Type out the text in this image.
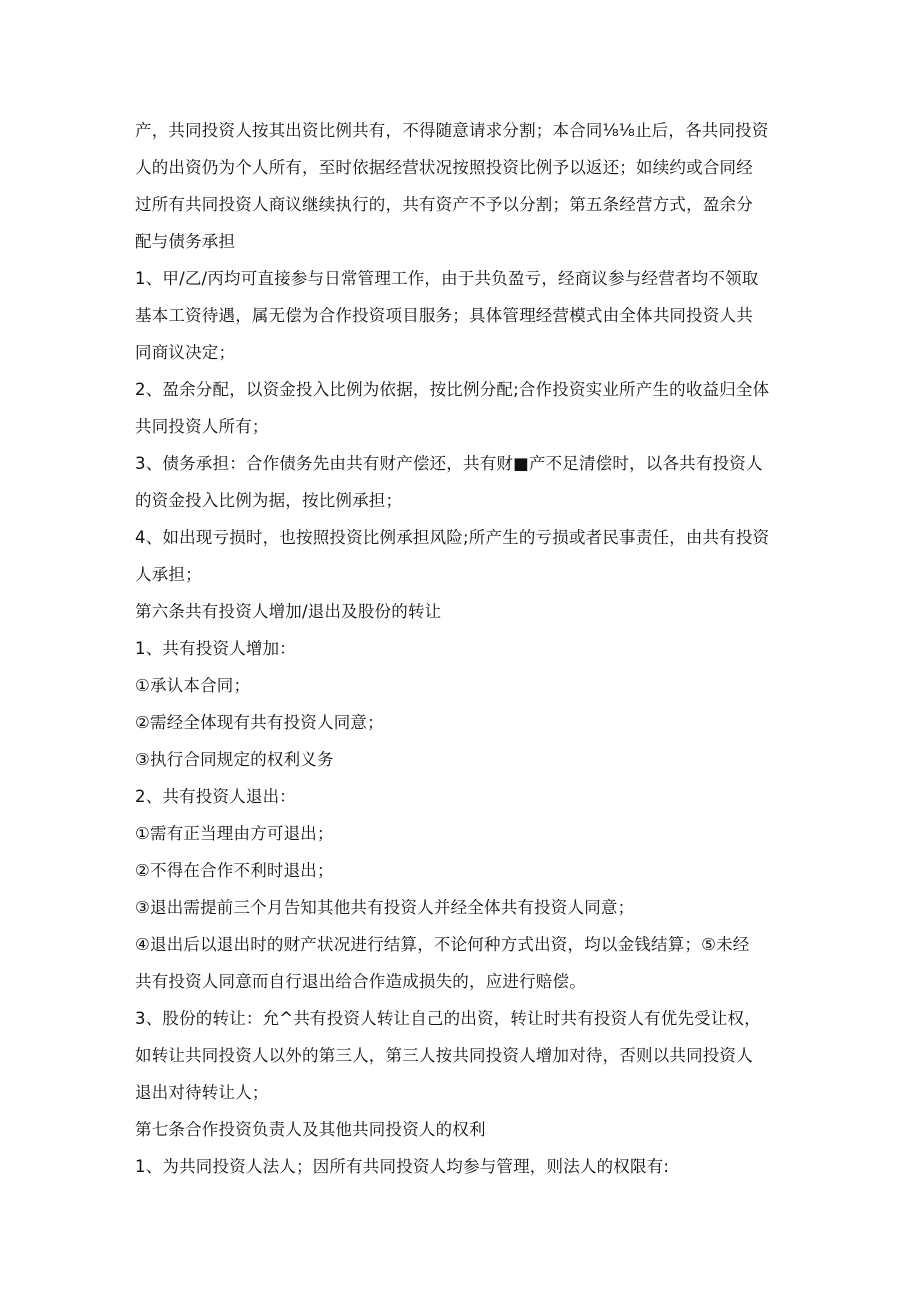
产，共同投资人按其出资比例共有，不得随意请求分割；本合同⅛⅛止后，各共同投资

人的出资仍为个人所有，至时依据经营状况按照投资比例予以返还；如续约或合同经

过所有共同投资人商议继续执行的，共有资产不予以分割；第五条经营方式，盈余分

配与债务承担

1、甲/乙/丙均可直接参与日常管理工作，由于共负盈亏，经商议参与经营者均不领取

基本工资待遇，属无偿为合作投资项目服务；具体管理经营模式由全体共同投资人共

同商议决定；

2、盈余分配，以资金投入比例为依据，按比例分配;合作投资实业所产生的收益归全体

共同投资人所有；

3、债务承担：合作债务先由共有财产偿还，共有财■产不足清偿时，以各共有投资人

的资金投入比例为据，按比例承担；

4、如出现亏损时，也按照投资比例承担风险;所产生的亏损或者民事责任，由共有投资

人承担；

第六条共有投资人增加/退出及股份的转让

1、共有投资人增加：

①承认本合同；

②需经全体现有共有投资人同意；

③执行合同规定的权利义务

2、共有投资人退出：

①需有正当理由方可退出；

②不得在合作不利时退出；

③退出需提前三个月告知其他共有投资人并经全体共有投资人同意；

④退出后以退出时的财产状况进行结算，不论何种方式出资，均以金钱结算；⑤未经

共有投资人同意而自行退出给合作造成损失的，应进行赔偿。

3、股份的转让：允^共有投资人转让自己的出资，转让时共有投资人有优先受让权，

如转让共同投资人以外的第三人，第三人按共同投资人增加对待，否则以共同投资人

退出对待转让人；

第七条合作投资负责人及其他共同投资人的权利

1、为共同投资人法人；因所有共同投资人均参与管理，则法人的权限有:
